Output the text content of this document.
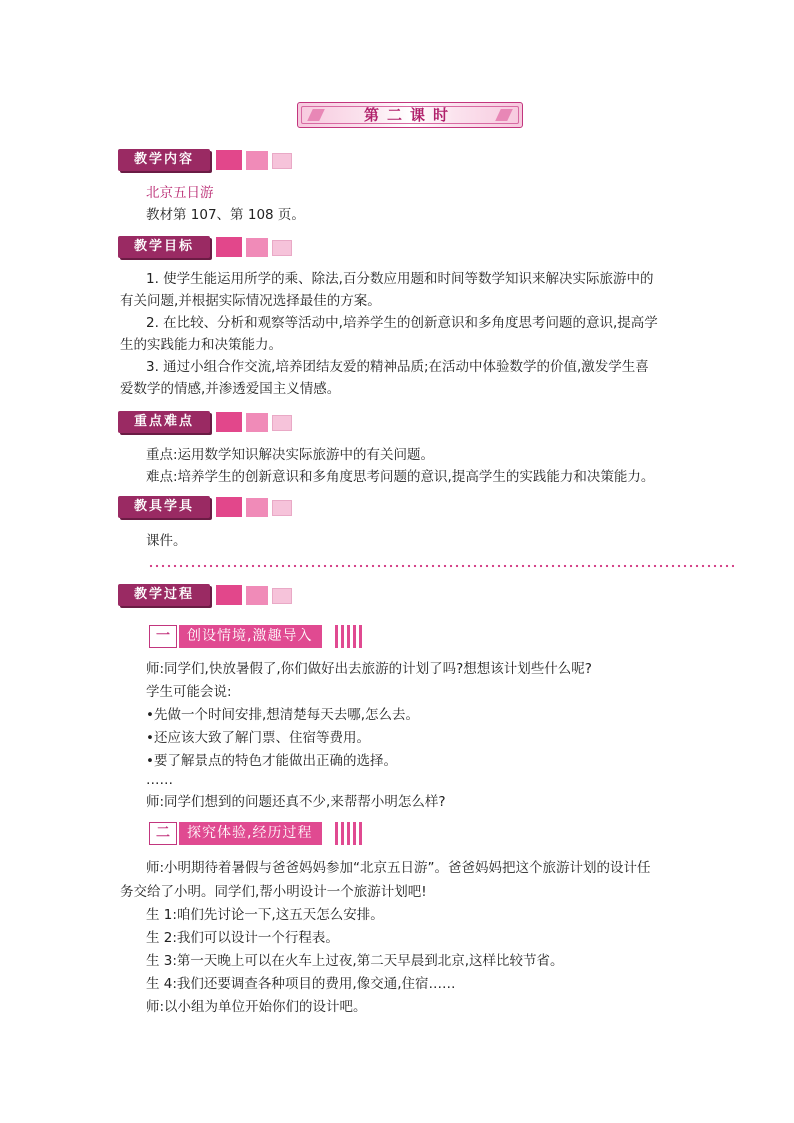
第二课时
教学内容
北京五日游
教材第 107、第 108 页。
教学目标
1. 使学生能运用所学的乘、除法,百分数应用题和时间等数学知识来解决实际旅游中的
有关问题,并根据实际情况选择最佳的方案。
2. 在比较、分析和观察等活动中,培养学生的创新意识和多角度思考问题的意识,提高学
生的实践能力和决策能力。
3. 通过小组合作交流,培养团结友爱的精神品质;在活动中体验数学的价值,激发学生喜
爱数学的情感,并渗透爱国主义情感。
重点难点
重点:运用数学知识解决实际旅游中的有关问题。
难点:培养学生的创新意识和多角度思考问题的意识,提高学生的实践能力和决策能力。
教具学具
课件。
教学过程
一	创设情境,激趣导入
师:同学们,快放暑假了,你们做好出去旅游的计划了吗?想想该计划些什么呢?
学生可能会说:
•先做一个时间安排,想清楚每天去哪,怎么去。
•还应该大致了解门票、住宿等费用。
•要了解景点的特色才能做出正确的选择。
……
师:同学们想到的问题还真不少,来帮帮小明怎么样?
二	探究体验,经历过程
师:小明期待着暑假与爸爸妈妈参加“北京五日游”。爸爸妈妈把这个旅游计划的设计任
务交给了小明。同学们,帮小明设计一个旅游计划吧!
生 1:咱们先讨论一下,这五天怎么安排。
生 2:我们可以设计一个行程表。
生 3:第一天晚上可以在火车上过夜,第二天早晨到北京,这样比较节省。
生 4:我们还要调查各种项目的费用,像交通,住宿……
师:以小组为单位开始你们的设计吧。
